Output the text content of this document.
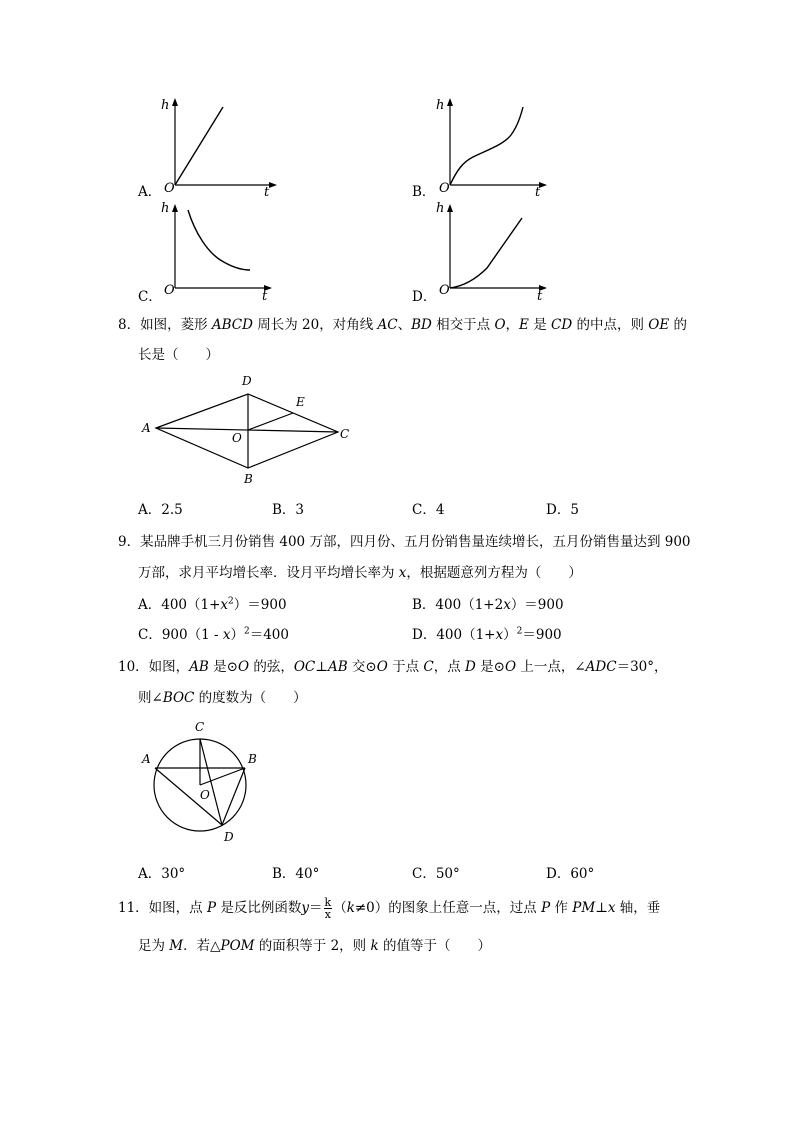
A．
h
t
O	B．
h
t
O
C．
h
t
O	D．
h
t
O
8．如图，菱形 ABCD 周长为 20，对角线 AC、BD 相交于点 O，E 是 CD 的中点，则 OE 的
长是（　　）
A
D
E
O	C
B
A．2.5	B．3	C．4	D．5
9．某品牌手机三月份销售 400 万部，四月份、五月份销售量连续增长，五月份销售量达到 900
万部，求月平均增长率．设月平均增长率为 x，根据题意列方程为（　　）
A．$400(1+x^2)=900$	B．400（1+2x）＝900
C．900（1 - x）$^2$＝400	D．$400(1+x)^2=900$
10．如图，AB 是⊙O 的弦，OC⊥AB 交⊙O 于点 C，点 D 是⊙O 上一点，∠ADC＝30°，
则∠BOC 的度数为（　　）
A
C
B
O
D
A．30°	B．40°	C．50°	D．60°
11．如图，点 P 是反比例函数$y= \frac{k}{x} (k\ne 0)$的图象上任意一点，过点 P 作 PM⊥x 轴，垂
足为 M．若△POM 的面积等于 2，则 k 的值等于（　　）
